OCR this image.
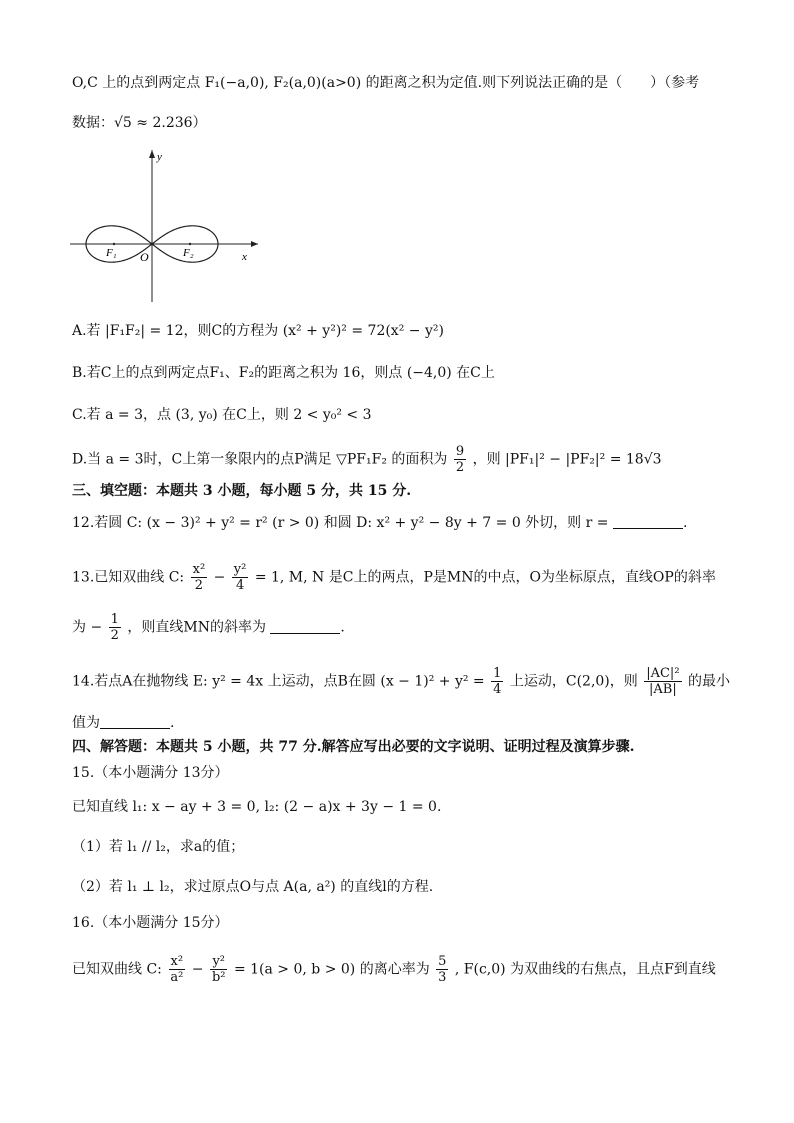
O,C 上的点到两定点 F₁(−a,0), F₂(a,0)(a>0) 的距离之积为定值.则下列说法正确的是（　　）（参考
数据：√5 ≈ 2.236）
y
x
O
F₁	F₂
A.若 |F₁F₂| = 12，则C的方程为 (x² + y²)² = 72(x² − y²)
B.若C上的点到两定点F₁、F₂的距离之积为 16，则点 (−4,0) 在C上
C.若 a = 3，点 (3, y₀) 在C上，则 2 < y₀² < 3
D.当 a = 3时，C上第一象限内的点P满足 ▽PF₁F₂ 的面积为 $\frac{9}{2}$ ，则 |PF₁|² − |PF₂|² = 18√3
三、填空题：本题共 3 小题，每小题 5 分，共 15 分.
12.若圆 C: (x − 3)² + y² = r² (r > 0) 和圆 D: x² + y² − 8y + 7 = 0 外切，则 r =	.
13.已知双曲线 C: $\frac{\text{x²}}{2} - \frac{\text{y²}}{4} = 1$, M, N 是C上的两点，P是MN的中点，O为坐标原点，直线OP的斜率
为 − $\frac{1}{2}$ ，则直线MN的斜率为	.
14.若点A在抛物线 E: y² = 4x 上运动，点B在圆 $(x - 1)^2 + y^2 = \frac{1}{4}$ 上运动，C(2,0)，则 $\frac{\text{|AC|²}}{|AB|}$ 的最小
值为	.
四、解答题：本题共 5 小题，共 77 分.解答应写出必要的文字说明、证明过程及演算步骤.
15.（本小题满分 13分）
已知直线 l₁: x − ay + 3 = 0, l₂: (2 − a)x + 3y − 1 = 0.
（1）若 l₁ // l₂，求a的值；
（2）若 l₁ ⊥ l₂，求过原点O与点 A(a, a²) 的直线l的方程.
16.（本小题满分 15分）
已知双曲线 C: $\frac{\text{x²}}{\text{a²}} - \frac{\text{y²}}{\text{b²}} = 1(a > 0$, b > 0) 的离心率为 $\frac{5}{3}$ , F(c,0) 为双曲线的右焦点，且点F到直线
